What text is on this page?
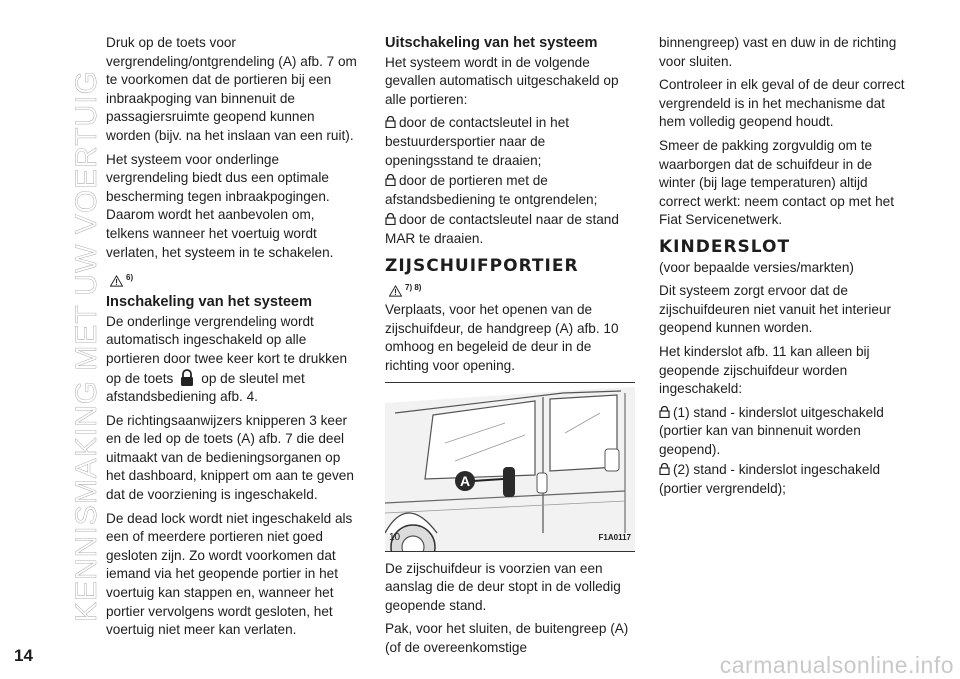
KENNISMAKING MET UW VOERTUIG

Druk op de toets voor vergrendeling/ontgrendeling (A) afb. 7 om te voorkomen dat de portieren bij een inbraakpoging van binnenuit de passagiersruimte geopend kunnen worden (bijv. na het inslaan van een ruit).

Het systeem voor onderlinge vergrendeling biedt dus een optimale bescherming tegen inbraakpogingen. Daarom wordt het aanbevolen om, telkens wanneer het voertuig wordt verlaten, het systeem in te schakelen.

6)
Inschakeling van het systeem

De onderlinge vergrendeling wordt automatisch ingeschakeld op alle portieren door twee keer kort te drukken op de toets op de sleutel met afstandsbediening afb. 4.

De richtingsaanwijzers knipperen 3 keer en de led op de toets (A) afb. 7 die deel uitmaakt van de bedieningsorganen op het dashboard, knippert om aan te geven dat de voorziening is ingeschakeld.

De dead lock wordt niet ingeschakeld als een of meerdere portieren niet goed gesloten zijn. Zo wordt voorkomen dat iemand via het geopende portier in het voertuig kan stappen en, wanneer het portier vervolgens wordt gesloten, het voertuig niet meer kan verlaten.

Uitschakeling van het systeem

Het systeem wordt in de volgende gevallen automatisch uitgeschakeld op alle portieren:

door de contactsleutel in het bestuurdersportier naar de openingsstand te draaien;
door de portieren met de afstandsbediening te ontgrendelen;
door de contactsleutel naar de stand MAR te draaien.
ZIJSCHUIFPORTIER
7) 8)

Verplaats, voor het openen van de zijschuifdeur, de handgreep (A) afb. 10 omhoog en begeleid de deur in de richting voor opening.

A
10	F1A0117

De zijschuifdeur is voorzien van een aanslag die de deur stopt in de volledig geopende stand.

Pak, voor het sluiten, de buitengreep (A) (of de overeenkomstige

binnengreep) vast en duw in de richting voor sluiten.

Controleer in elk geval of de deur correct vergrendeld is in het mechanisme dat hem volledig geopend houdt.

Smeer de pakking zorgvuldig om te waarborgen dat de schuifdeur in de winter (bij lage temperaturen) altijd correct werkt: neem contact op met het Fiat Servicenetwerk.

KINDERSLOT

(voor bepaalde versies/markten)

Dit systeem zorgt ervoor dat de zijschuifdeuren niet vanuit het interieur geopend kunnen worden.

Het kinderslot afb. 11 kan alleen bij geopende zijschuifdeur worden ingeschakeld:

(1) stand - kinderslot uitgeschakeld (portier kan van binnenuit worden geopend).
(2) stand - kinderslot ingeschakeld (portier vergrendeld);
14	carmanualsonline.info
